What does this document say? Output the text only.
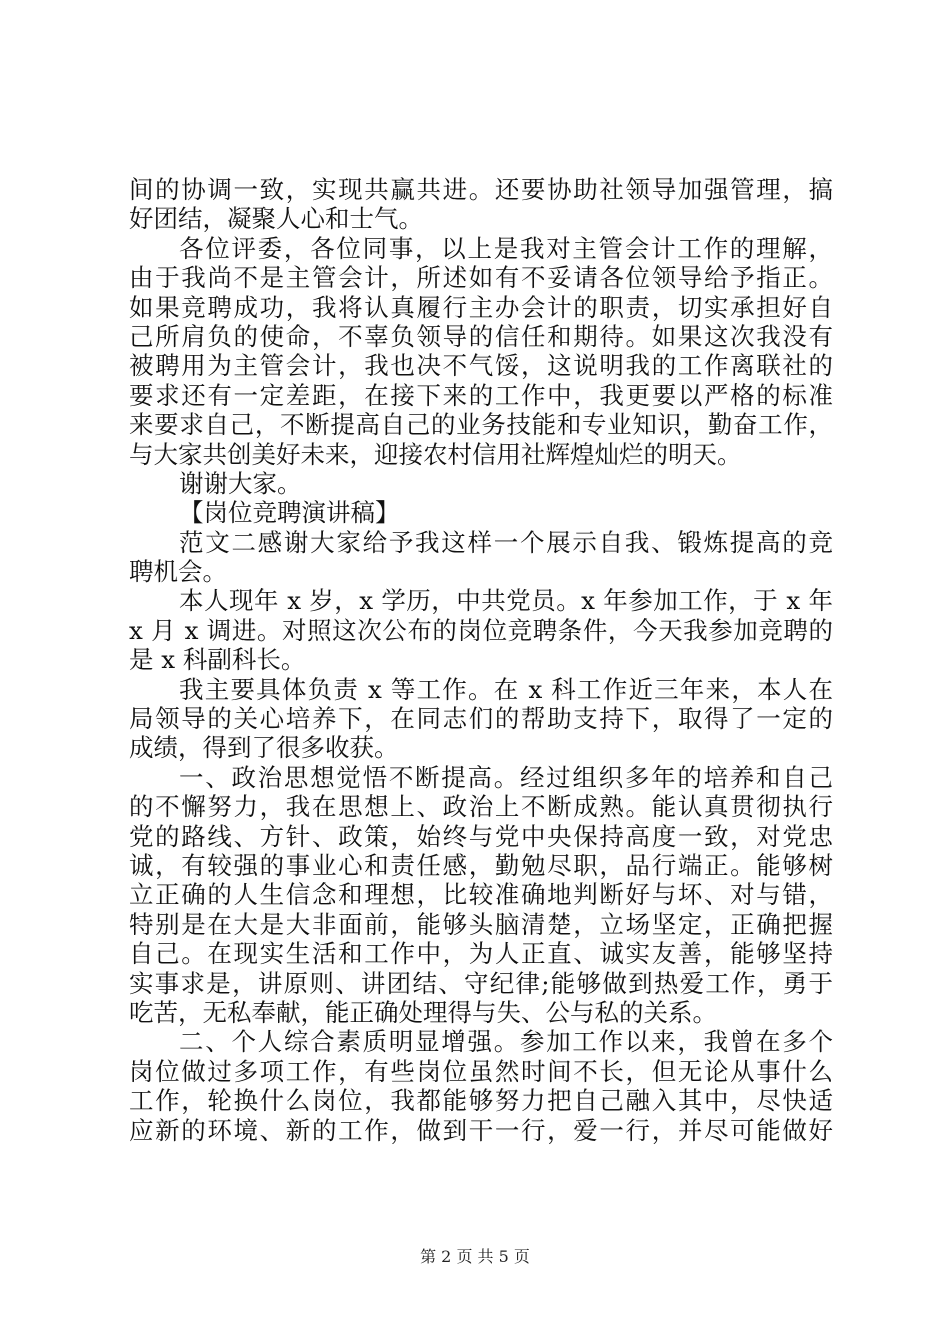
间的协调一致，实现共赢共进。还要协助社领导加强管理，搞
好团结，凝聚人心和士气。
各位评委，各位同事，以上是我对主管会计工作的理解，
由于我尚不是主管会计，所述如有不妥请各位领导给予指正。
如果竞聘成功，我将认真履行主办会计的职责，切实承担好自
己所肩负的使命，不辜负领导的信任和期待。如果这次我没有
被聘用为主管会计，我也决不气馁，这说明我的工作离联社的
要求还有一定差距，在接下来的工作中，我更要以严格的标准
来要求自己，不断提高自己的业务技能和专业知识，勤奋工作，
与大家共创美好未来，迎接农村信用社辉煌灿烂的明天。
谢谢大家。
【岗位竞聘演讲稿】
范文二感谢大家给予我这样一个展示自我、锻炼提高的竞
聘机会。
本人现年 x 岁，x 学历，中共党员。x 年参加工作，于 x 年
x 月 x 调进。对照这次公布的岗位竞聘条件，今天我参加竞聘的
是 x 科副科长。
我主要具体负责 x 等工作。在 x 科工作近三年来，本人在
局领导的关心培养下，在同志们的帮助支持下，取得了一定的
成绩，得到了很多收获。
一、政治思想觉悟不断提高。经过组织多年的培养和自己
的不懈努力，我在思想上、政治上不断成熟。能认真贯彻执行
党的路线、方针、政策，始终与党中央保持高度一致，对党忠
诚，有较强的事业心和责任感，勤勉尽职，品行端正。能够树
立正确的人生信念和理想，比较准确地判断好与坏、对与错，
特别是在大是大非面前，能够头脑清楚，立场坚定，正确把握
自己。在现实生活和工作中，为人正直、诚实友善，能够坚持
实事求是，讲原则、讲团结、守纪律;能够做到热爱工作，勇于
吃苦，无私奉献，能正确处理得与失、公与私的关系。
二、个人综合素质明显增强。参加工作以来，我曾在多个
岗位做过多项工作，有些岗位虽然时间不长，但无论从事什么
工作，轮换什么岗位，我都能够努力把自己融入其中，尽快适
应新的环境、新的工作，做到干一行，爱一行，并尽可能做好
第 2 页 共 5 页
